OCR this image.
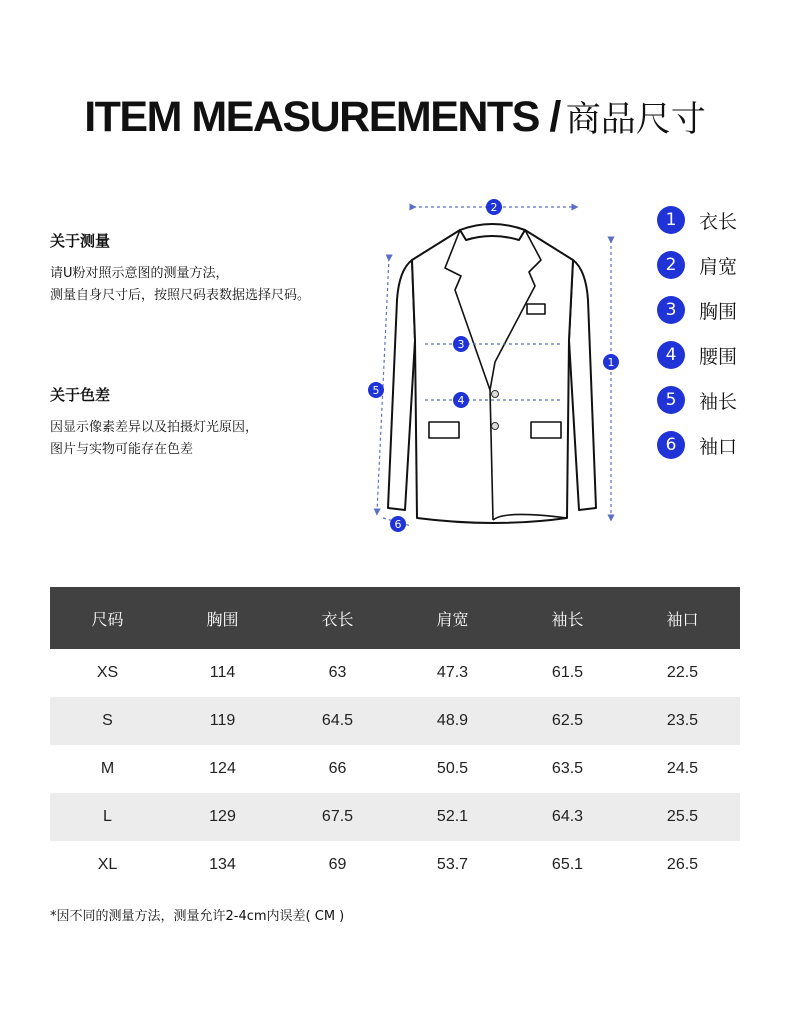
ITEM MEASUREMENTS / 商品尺寸
关于测量
请U粉对照示意图的测量方法，
测量自身尺寸后，按照尺码表数据选择尺码。
关于色差
因显示像素差异以及拍摄灯光原因，
图片与实物可能存在色差
2
1
3
4
5
6
1	衣长
2	肩宽
3	胸围
4	腰围
5	袖长
6	袖口
尺码	胸围	衣长	肩宽	袖长	袖口
XS	114	63	47.3	61.5	22.5
S	119	64.5	48.9	62.5	23.5
M	124	66	50.5	63.5	24.5
L	129	67.5	52.1	64.3	25.5
XL	134	69	53.7	65.1	26.5
*因不同的测量方法，测量允许2-4cm内误差( CM )
